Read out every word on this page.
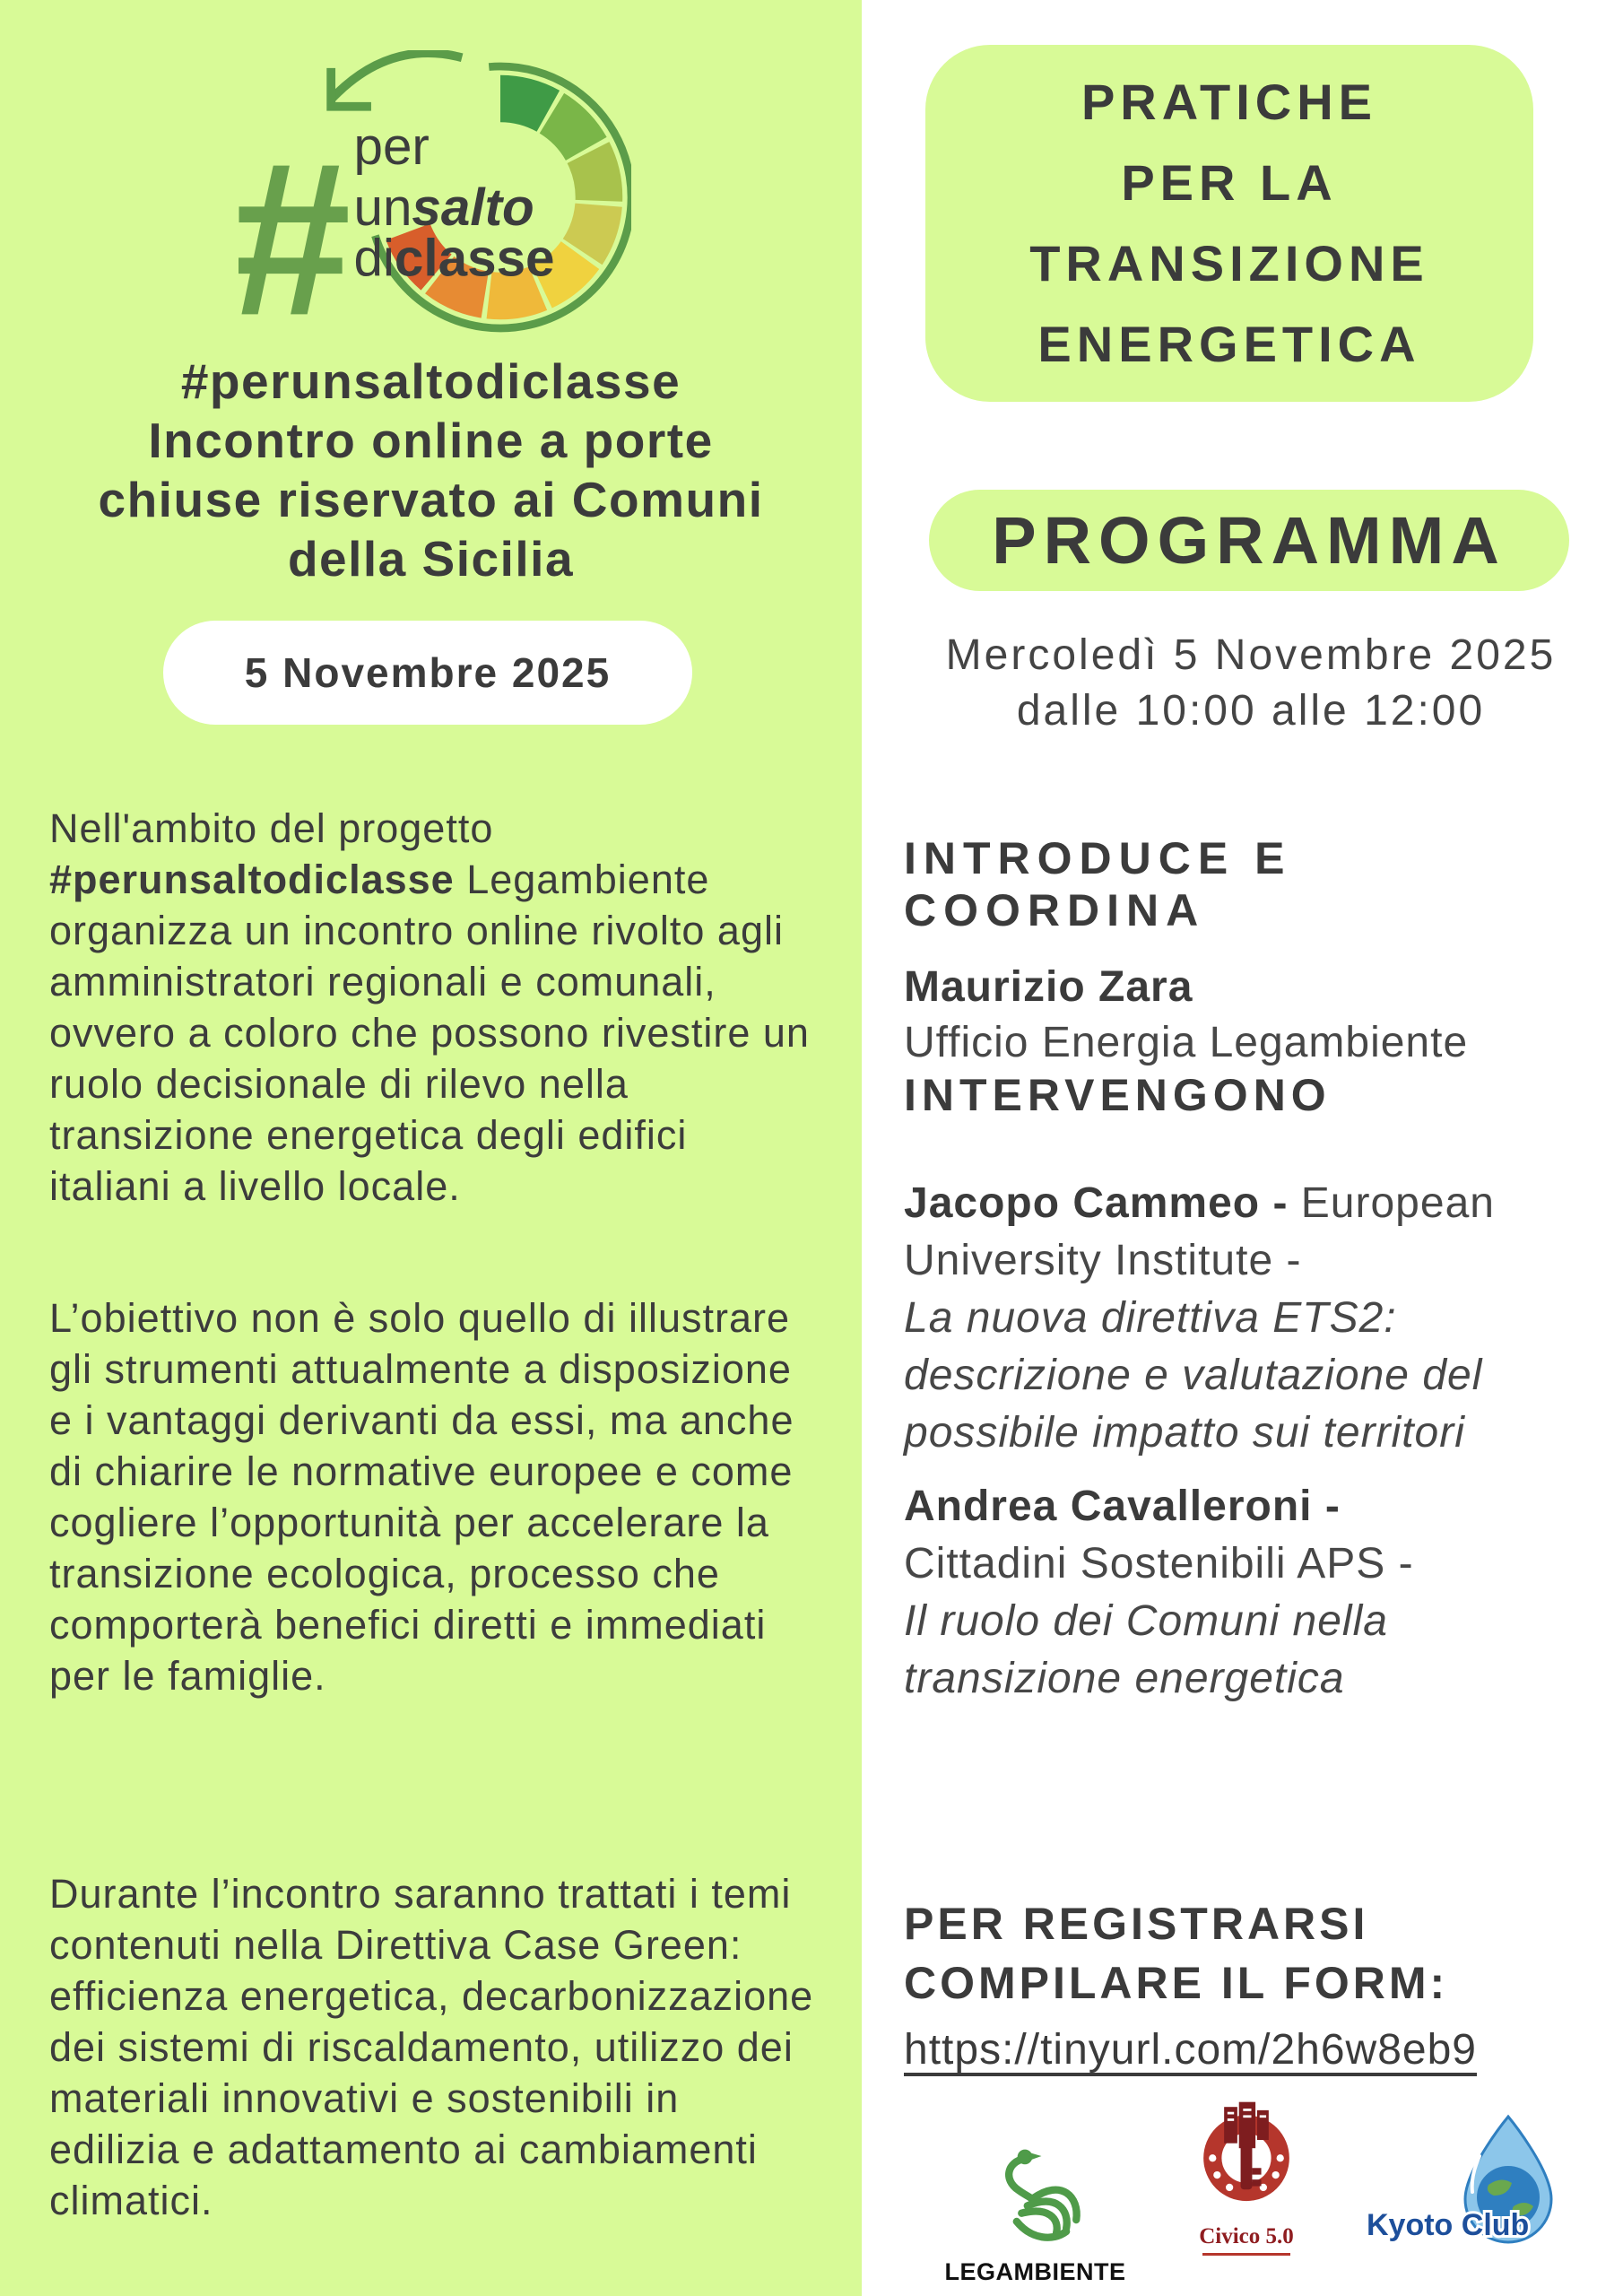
# per
unsalto
diclasse
#perunsaltodiclasse
Incontro online a porte
chiuse riservato ai Comuni
della Sicilia
5 Novembre 2025

Nell'ambito del progetto #perunsaltodiclasse Legambiente organizza un incontro online rivolto agli amministratori regionali e comunali, ovvero a coloro che possono rivestire un ruolo decisionale di rilevo nella transizione energetica degli edifici italiani a livello locale.

L’obiettivo non è solo quello di illustrare gli strumenti attualmente a disposizione e i vantaggi derivanti da essi, ma anche di chiarire le normative europee e come cogliere l’opportunità per accelerare la transizione ecologica, processo che comporterà benefici diretti e immediati per le famiglie.

Durante l’incontro saranno trattati i temi contenuti nella Direttiva Case Green: efficienza energetica, decarbonizzazione dei sistemi di riscaldamento, utilizzo dei materiali innovativi e sostenibili in edilizia e adattamento ai cambiamenti climatici.

PRATICHE
PER LA
TRANSIZIONE
ENERGETICA
PROGRAMMA
Mercoledì 5 Novembre 2025
dalle 10:00 alle 12:00
INTRODUCE E COORDINA
Maurizio Zara
Ufficio Energia Legambiente
INTERVENGONO

Jacopo Cammeo - European University Institute -
La nuova direttiva ETS2: descrizione e valutazione del possibile impatto sui territori

Andrea Cavalleroni -
Cittadini Sostenibili APS -
Il ruolo dei Comuni nella transizione energetica

PER REGISTRARSI
COMPILARE IL FORM:
https://tinyurl.com/2h6w8eb9
LEGAMBIENTE
Civico 5.0 Kyoto Club
